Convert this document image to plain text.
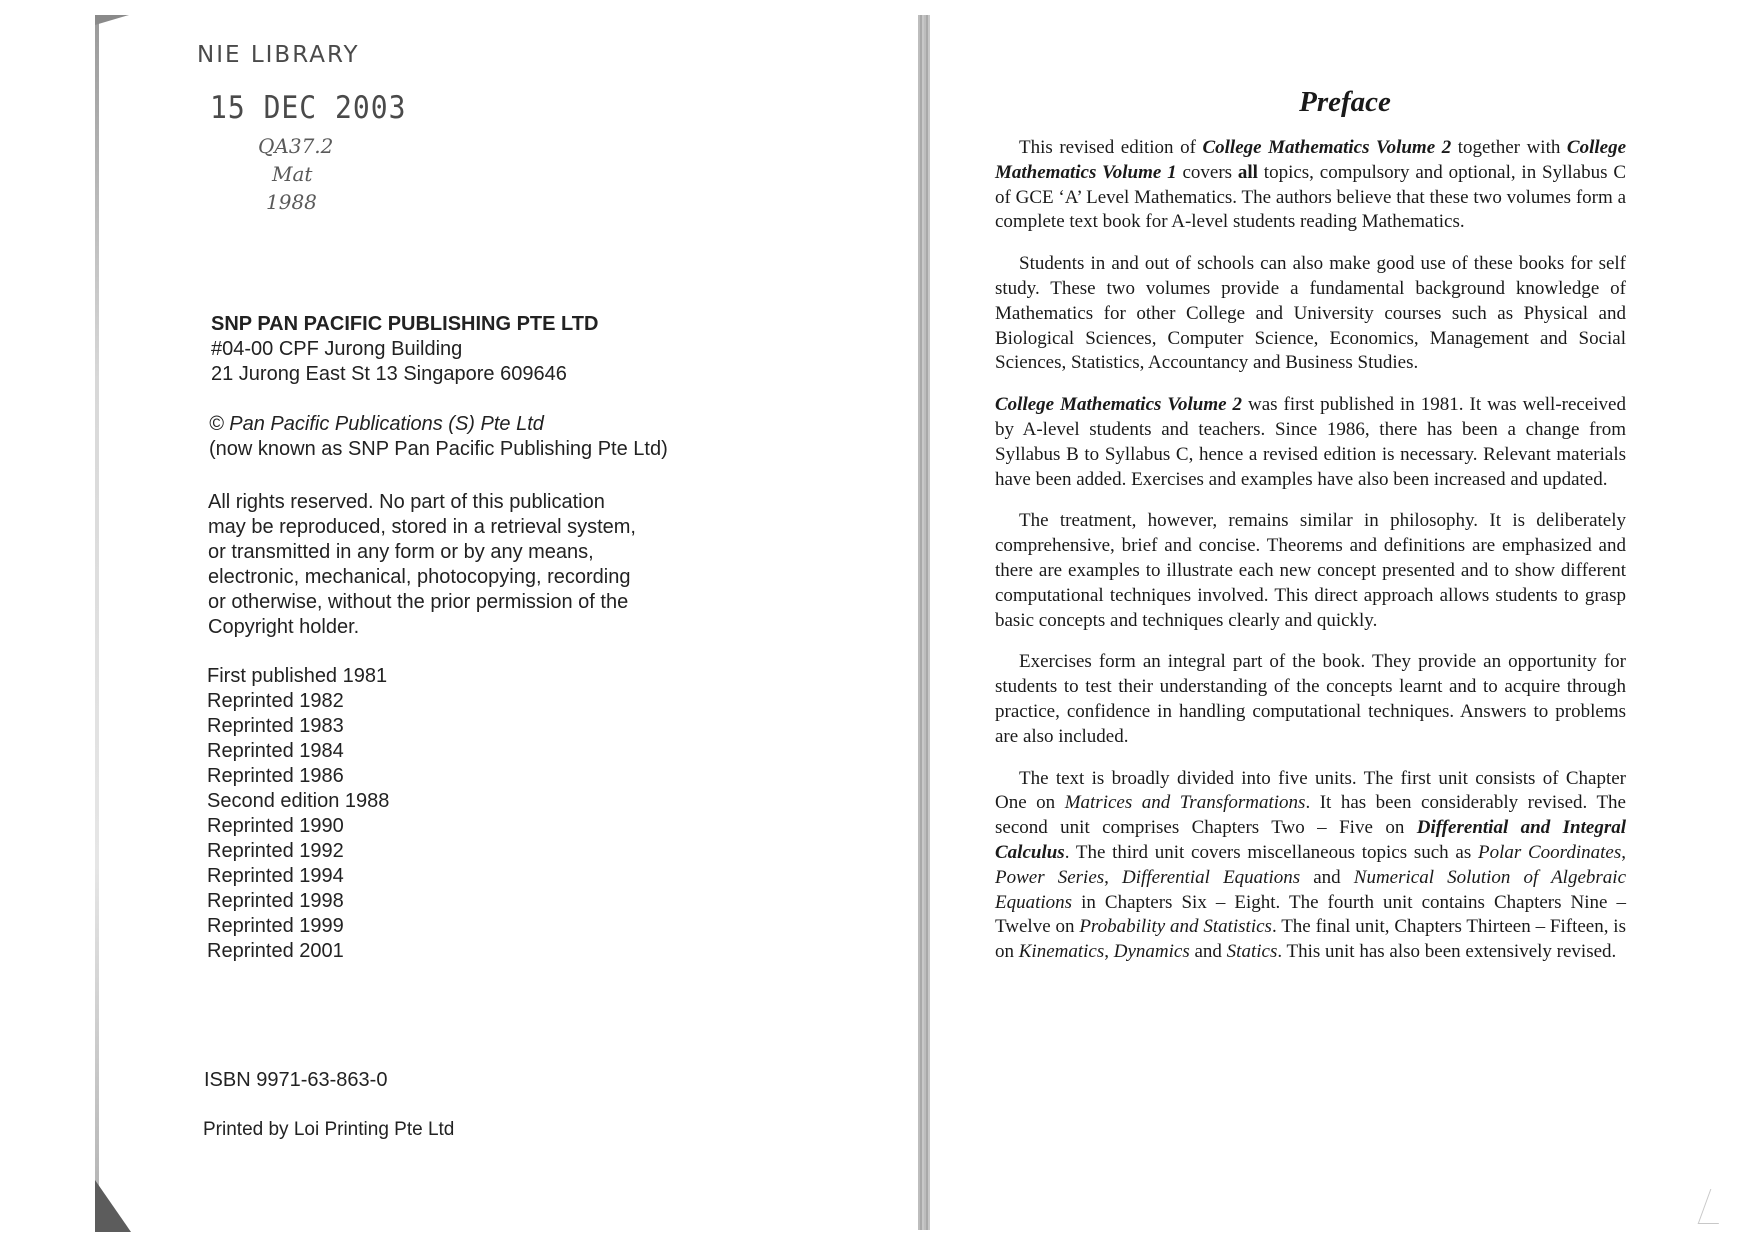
NIE LIBRARY
15 DEC 2003
QA37.2
Mat
1988
SNP PAN PACIFIC PUBLISHING PTE LTD
#04-00 CPF Jurong Building
21 Jurong East St 13 Singapore 609646
© Pan Pacific Publications (S) Pte Ltd
(now known as SNP Pan Pacific Publishing Pte Ltd)
All rights reserved. No part of this publication may be reproduced, stored in a retrieval system, or transmitted in any form or by any means, electronic, mechanical, photocopying, recording or otherwise, without the prior permission of the Copyright holder.
First published 1981
Reprinted 1982
Reprinted 1983
Reprinted 1984
Reprinted 1986
Second edition 1988
Reprinted 1990
Reprinted 1992
Reprinted 1994
Reprinted 1998
Reprinted 1999
Reprinted 2001
ISBN 9971-63-863-0
Printed by Loi Printing Pte Ltd
Preface

This revised edition of College Mathematics Volume 2 together with College Mathematics Volume 1 covers all topics, compulsory and optional, in Syllabus C of GCE ‘A’ Level Mathematics. The authors believe that these two volumes form a complete text book for A-level students reading Mathematics.

Students in and out of schools can also make good use of these books for self study. These two volumes provide a fundamental background knowledge of Mathematics for other College and University courses such as Physical and Biological Sciences, Computer Science, Economics, Management and Social Sciences, Statistics, Accountancy and Business Studies.

College Mathematics Volume 2 was first published in 1981. It was well-received by A-level students and teachers. Since 1986, there has been a change from Syllabus B to Syllabus C, hence a revised edition is necessary. Relevant materials have been added. Exercises and examples have also been increased and updated.

The treatment, however, remains similar in philosophy. It is deliberately comprehensive, brief and concise. Theorems and definitions are emphasized and there are examples to illustrate each new concept presented and to show different computational techniques involved. This direct approach allows students to grasp basic concepts and techniques clearly and quickly.

Exercises form an integral part of the book. They provide an opportunity for students to test their understanding of the concepts learnt and to acquire through practice, confidence in handling computational techniques. Answers to problems are also included.

The text is broadly divided into five units. The first unit consists of Chapter One on Matrices and Transformations. It has been considerably revised. The second unit comprises Chapters Two – Five on Differential and Integral Calculus. The third unit covers miscellaneous topics such as Polar Coordinates, Power Series, Differential Equations and Numerical Solution of Algebraic Equations in Chapters Six – Eight. The fourth unit contains Chapters Nine – Twelve on Probability and Statistics. The final unit, Chapters Thirteen – Fifteen, is on Kinematics, Dynamics and Statics. This unit has also been extensively revised.
